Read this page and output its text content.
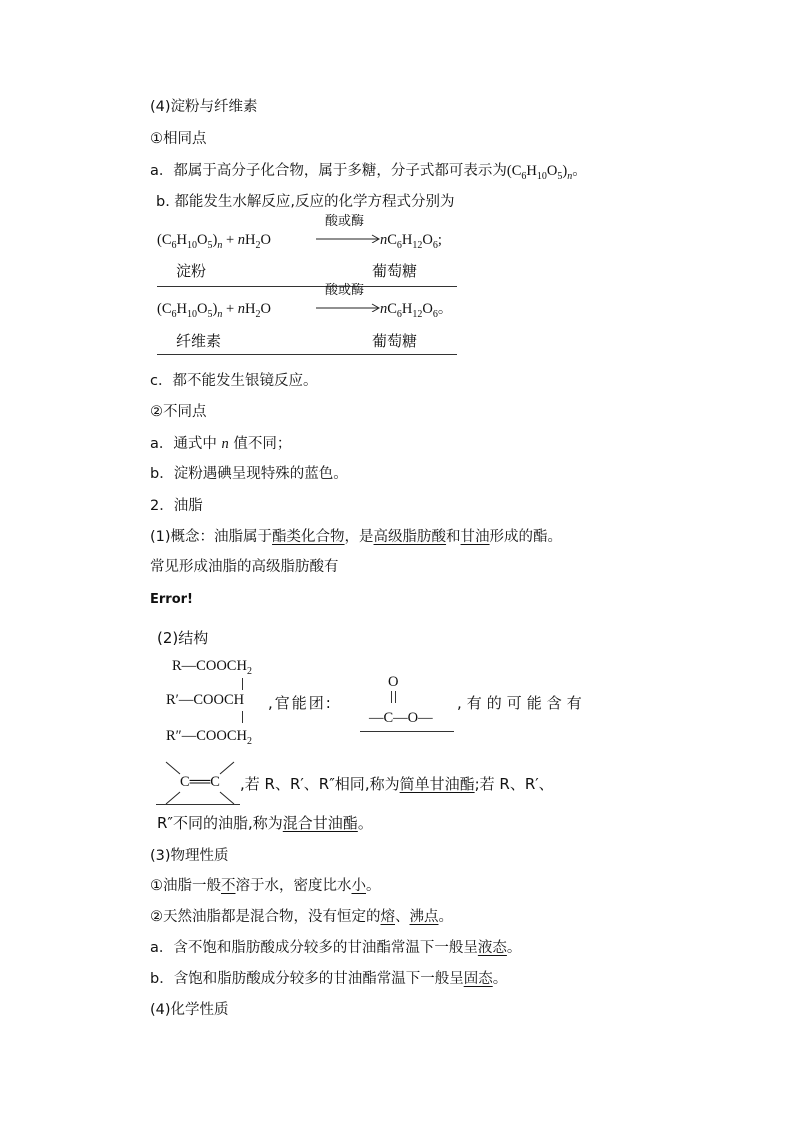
(4)淀粉与纤维素
①相同点
a．都属于高分子化合物，属于多糖，分子式都可表示为$(C_6H_{10}O_5)_n$。
b. 都能发生水解反应,反应的化学方程式分别为
$(C_6H_{10}O_5)_n + nH_2O$
酸或酶
$nC_6H_{12}O_6$;
淀粉	葡萄糖
$(C_6H_{10}O_5)_n + nH_2O$
酸或酶
$nC_6H_{12}O_6$。
纤维素	葡萄糖
c．都不能发生银镜反应。
②不同点
a．通式中 n 值不同；
b．淀粉遇碘呈现特殊的蓝色。
2．油脂
(1)概念：油脂属于酯类化合物，是高级脂肪酸和甘油形成的酯。
常见形成油脂的高级脂肪酸有
Error!
(2)结构
$R—COOCH_2$
R′—COOCH
$R''—COOCH_2$
,官能团:
O
—C—O—
,有的可能含有
C══C ,若 R、R′、R″相同,称为简单甘油酯;若 R、R′、
R″不同的油脂,称为混合甘油酯。
(3)物理性质
①油脂一般不溶于水，密度比水小。
②天然油脂都是混合物，没有恒定的熔、沸点。
a．含不饱和脂肪酸成分较多的甘油酯常温下一般呈液态。
b．含饱和脂肪酸成分较多的甘油酯常温下一般呈固态。
(4)化学性质
